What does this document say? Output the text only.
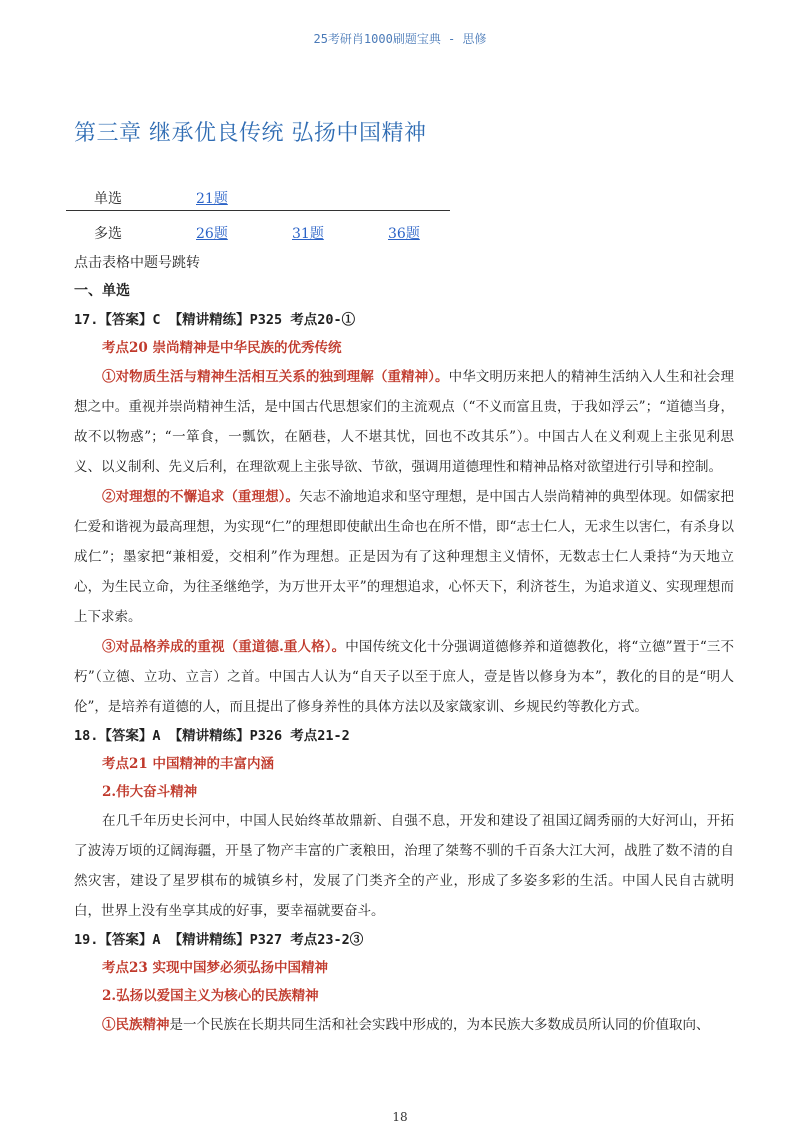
25考研肖1000刷题宝典 - 思修
第三章 继承优良传统 弘扬中国精神
单选	21题
多选	26题	31题	36题
点击表格中题号跳转
一、单选

17.【答案】C 【精讲精练】P325 考点20-①

考点20 崇尚精神是中华民族的优秀传统

①对物质生活与精神生活相互关系的独到理解（重精神）。中华文明历来把人的精神生活纳入人生和社会理想之中。重视并崇尚精神生活，是中国古代思想家们的主流观点（“不义而富且贵，于我如浮云”；“道德当身，故不以物惑”；“一箪食，一瓢饮，在陋巷，人不堪其忧，回也不改其乐”）。中国古人在义利观上主张见利思义、以义制利、先义后利，在理欲观上主张导欲、节欲，强调用道德理性和精神品格对欲望进行引导和控制。

②对理想的不懈追求（重理想）。矢志不渝地追求和坚守理想，是中国古人崇尚精神的典型体现。如儒家把仁爱和谐视为最高理想，为实现“仁”的理想即使献出生命也在所不惜，即“志士仁人，无求生以害仁，有杀身以成仁”；墨家把“兼相爱，交相利”作为理想。正是因为有了这种理想主义情怀，无数志士仁人秉持“为天地立心，为生民立命，为往圣继绝学，为万世开太平”的理想追求，心怀天下，利济苍生，为追求道义、实现理想而上下求索。

③对品格养成的重视（重道德.重人格）。中国传统文化十分强调道德修养和道德教化，将“立德”置于“三不朽”（立德、立功、立言）之首。中国古人认为“自天子以至于庶人，壹是皆以修身为本”，教化的目的是“明人伦”，是培养有道德的人，而且提出了修身养性的具体方法以及家箴家训、乡规民约等教化方式。

18.【答案】A 【精讲精练】P326 考点21-2

考点21 中国精神的丰富内涵

2.伟大奋斗精神

在几千年历史长河中，中国人民始终革故鼎新、自强不息，开发和建设了祖国辽阔秀丽的大好河山，开拓了波涛万顷的辽阔海疆，开垦了物产丰富的广袤粮田，治理了桀骜不驯的千百条大江大河，战胜了数不清的自然灾害，建设了星罗棋布的城镇乡村，发展了门类齐全的产业，形成了多姿多彩的生活。中国人民自古就明白，世界上没有坐享其成的好事，要幸福就要奋斗。

19.【答案】A 【精讲精练】P327 考点23-2③

考点23 实现中国梦必须弘扬中国精神

2.弘扬以爱国主义为核心的民族精神

①民族精神是一个民族在长期共同生活和社会实践中形成的，为本民族大多数成员所认同的价值取向、

18
